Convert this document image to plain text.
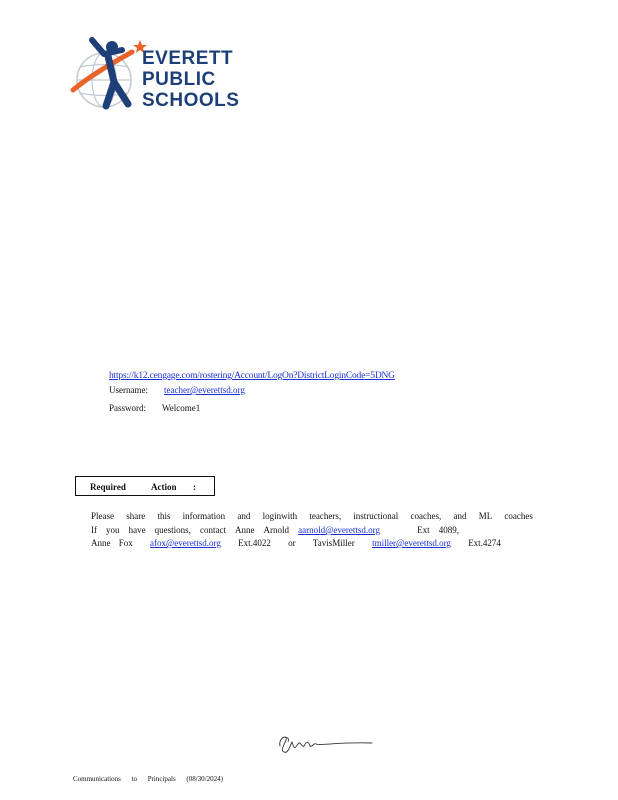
EVERETT
PUBLIC
SCHOOLS
https://k12.cengage.com/rostering/Account/LogOn?DistrictLoginCode=5DNG
Username: teacher@everettsd.org
Password: Welcome1
Required	Action :
Please share this information and loginwith teachers, instructional coaches, and ML coaches
If you have questions, contact Anne Arnold aarnold@everettsd.org	Ext 4089,
Anne Fox afox@everettsd.org Ext.4022 or TavisMiller tmiller@everettsd.org Ext.4274
Communications to Principals (08/30/2024)
